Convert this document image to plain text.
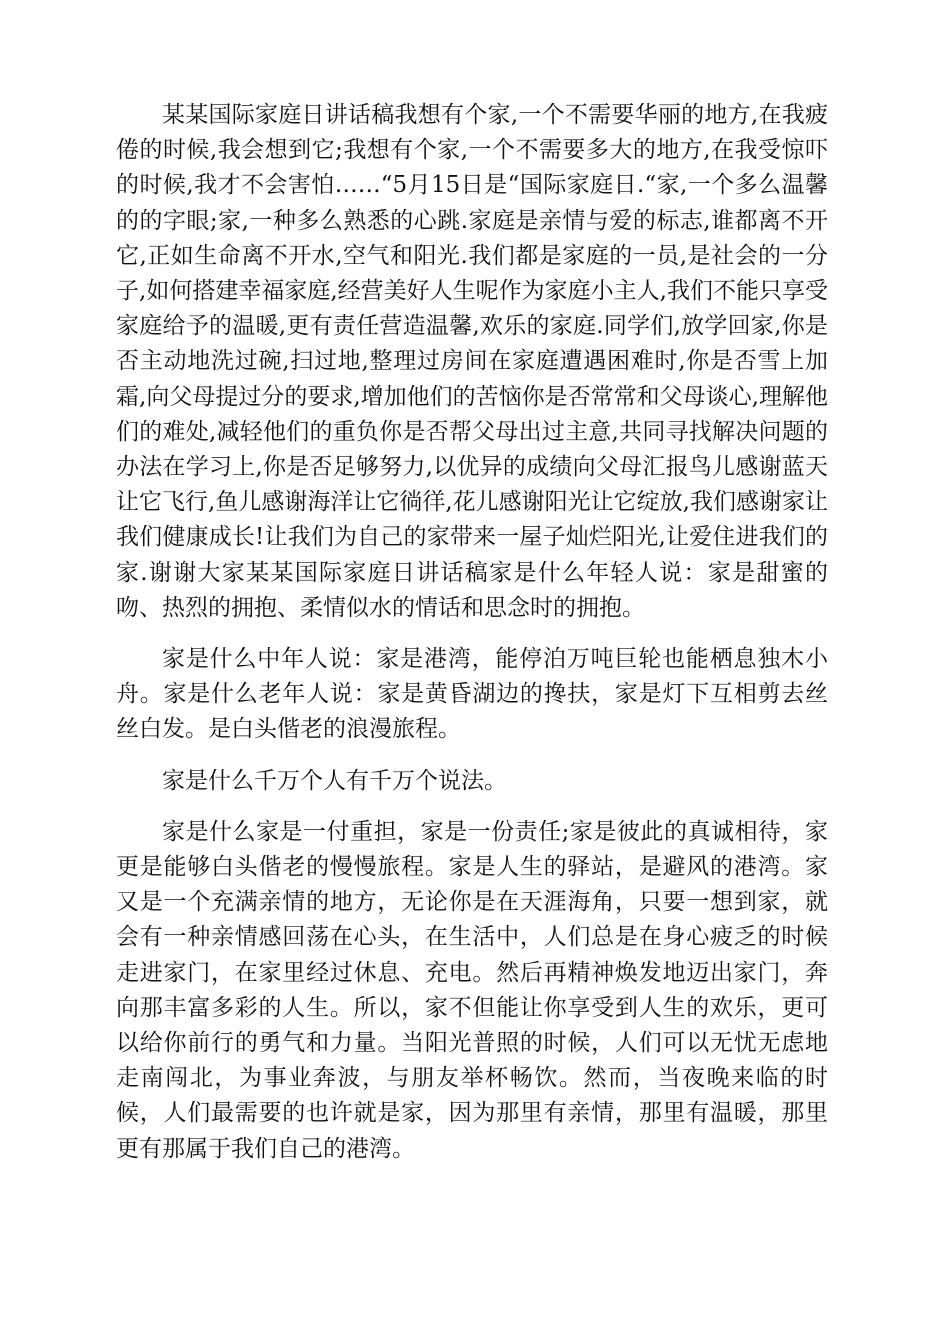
某某国际家庭日讲话稿我想有个家,一个不需要华丽的地方,在我疲倦的时候,我会想到它;我想有个家,一个不需要多大的地方,在我受惊吓的时候,我才不会害怕……“5月15日是“国际家庭日.“家,一个多么温馨的的字眼;家,一种多么熟悉的心跳.家庭是亲情与爱的标志,谁都离不开它,正如生命离不开水,空气和阳光.我们都是家庭的一员,是社会的一分子,如何搭建幸福家庭,经营美好人生呢作为家庭小主人,我们不能只享受家庭给予的温暖,更有责任营造温馨,欢乐的家庭.同学们,放学回家,你是否主动地洗过碗,扫过地,整理过房间在家庭遭遇困难时,你是否雪上加霜,向父母提过分的要求,增加他们的苦恼你是否常常和父母谈心,理解他们的难处,减轻他们的重负你是否帮父母出过主意,共同寻找解决问题的办法在学习上,你是否足够努力,以优异的成绩向父母汇报鸟儿感谢蓝天让它飞行,鱼儿感谢海洋让它徜徉,花儿感谢阳光让它绽放,我们感谢家让我们健康成长!让我们为自己的家带来一屋子灿烂阳光,让爱住进我们的家.谢谢大家某某国际家庭日讲话稿家是什么年轻人说：家是甜蜜的吻、热烈的拥抱、柔情似水的情话和思念时的拥抱。

家是什么中年人说：家是港湾，能停泊万吨巨轮也能栖息独木小舟。家是什么老年人说：家是黄昏湖边的搀扶，家是灯下互相剪去丝丝白发。是白头偕老的浪漫旅程。

家是什么千万个人有千万个说法。

家是什么家是一付重担，家是一份责任;家是彼此的真诚相待，家更是能够白头偕老的慢慢旅程。家是人生的驿站，是避风的港湾。家又是一个充满亲情的地方，无论你是在天涯海角，只要一想到家，就会有一种亲情感回荡在心头，在生活中，人们总是在身心疲乏的时候走进家门，在家里经过休息、充电。然后再精神焕发地迈出家门，奔向那丰富多彩的人生。所以，家不但能让你享受到人生的欢乐，更可以给你前行的勇气和力量。当阳光普照的时候，人们可以无忧无虑地走南闯北，为事业奔波，与朋友举杯畅饮。然而，当夜晚来临的时候，人们最需要的也许就是家，因为那里有亲情，那里有温暖，那里更有那属于我们自己的港湾。
